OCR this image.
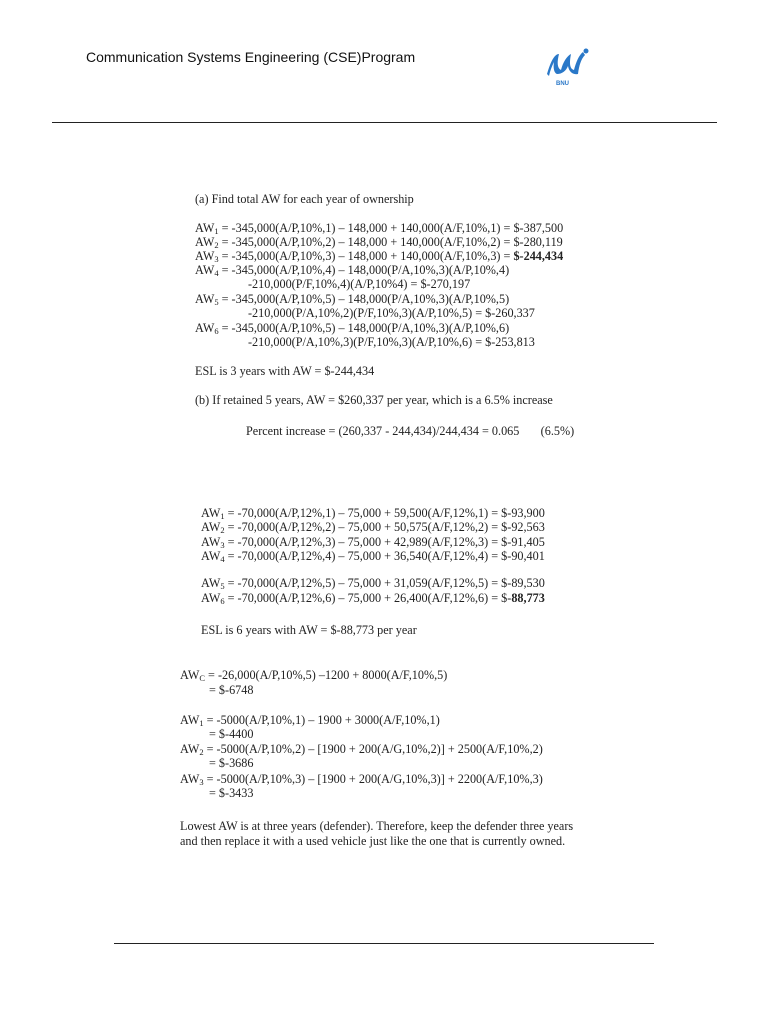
Communication Systems Engineering (CSE)Program
BNU
(a) Find total AW for each year of ownership
$AW_1 = -345,000(A/P,10\%,1) - 148,000 + 140,000(A/F,10\%,1)$ = $-387,500
$AW_2 = -345,000(A/P,10\%,2) - 148,000 + 140,000(A/F,10\%,2)$ = $-280,119
$AW_3 = -345,000(A/P,10\%,3) - 148,000 + 140,000(A/F,10\%,3)$ = $-244,434
$AW_4 = -345,000(A/P,10\%,4) - 148,000(P/A,10\%,3)(A/P,10\%,4)$
-210,000(P/F,10%,4)(A/P,10%4) = $-270,197
$AW_5 = -345,000(A/P,10\%,5) - 148,000(P/A,10\%,3)(A/P,10\%,5)$
-210,000(P/A,10%,2)(P/F,10%,3)(A/P,10%,5) = $-260,337
$AW_6 = -345,000(A/P,10\%,5) - 148,000(P/A,10\%,3)(A/P,10\%,6)$
-210,000(P/A,10%,3)(P/F,10%,3)(A/P,10%,6) = $-253,813
ESL is 3 years with AW = $-244,434
(b) If retained 5 years, AW = $260,337 per year, which is a 6.5% increase
Percent increase = (260,337 - 244,434)/244,434 = 0.065       (6.5%)
$AW_1 = -70,000(A/P,12\%,1) - 75,000 + 59,500(A/F,12\%,1)$ = $-93,900
$AW_2 = -70,000(A/P,12\%,2) - 75,000 + 50,575(A/F,12\%,2)$ = $-92,563
$AW_3 = -70,000(A/P,12\%,3) - 75,000 + 42,989(A/F,12\%,3)$ = $-91,405
$AW_4 = -70,000(A/P,12\%,4) - 75,000 + 36,540(A/F,12\%,4)$ = $-90,401
$AW_5 = -70,000(A/P,12\%,5) - 75,000 + 31,059(A/F,12\%,5)$ = $-89,530
$AW_6 = -70,000(A/P,12\%,6) - 75,000 + 26,400(A/F,12\%,6)$ = $-88,773
ESL is 6 years with AW = $-88,773 per year
$AW_C = -26,000(A/P,10\%,5) -1200 + 8000(A/F,10\%,5)$
= $-6748
$AW_1 = -5000(A/P,10\%,1) - 1900 + 3000(A/F,10\%,1)$
= $-4400
$AW_2 = -5000(A/P,10\%,2) - [1900 + 200(A/G,10\%,2)] + 2500(A/F,10\%,2)$
= $-3686
$AW_3 = -5000(A/P,10\%,3) - [1900 + 200(A/G,10\%,3)] + 2200(A/F,10\%,3)$
= $-3433
Lowest AW is at three years (defender). Therefore, keep the defender three years
and then replace it with a used vehicle just like the one that is currently owned.
